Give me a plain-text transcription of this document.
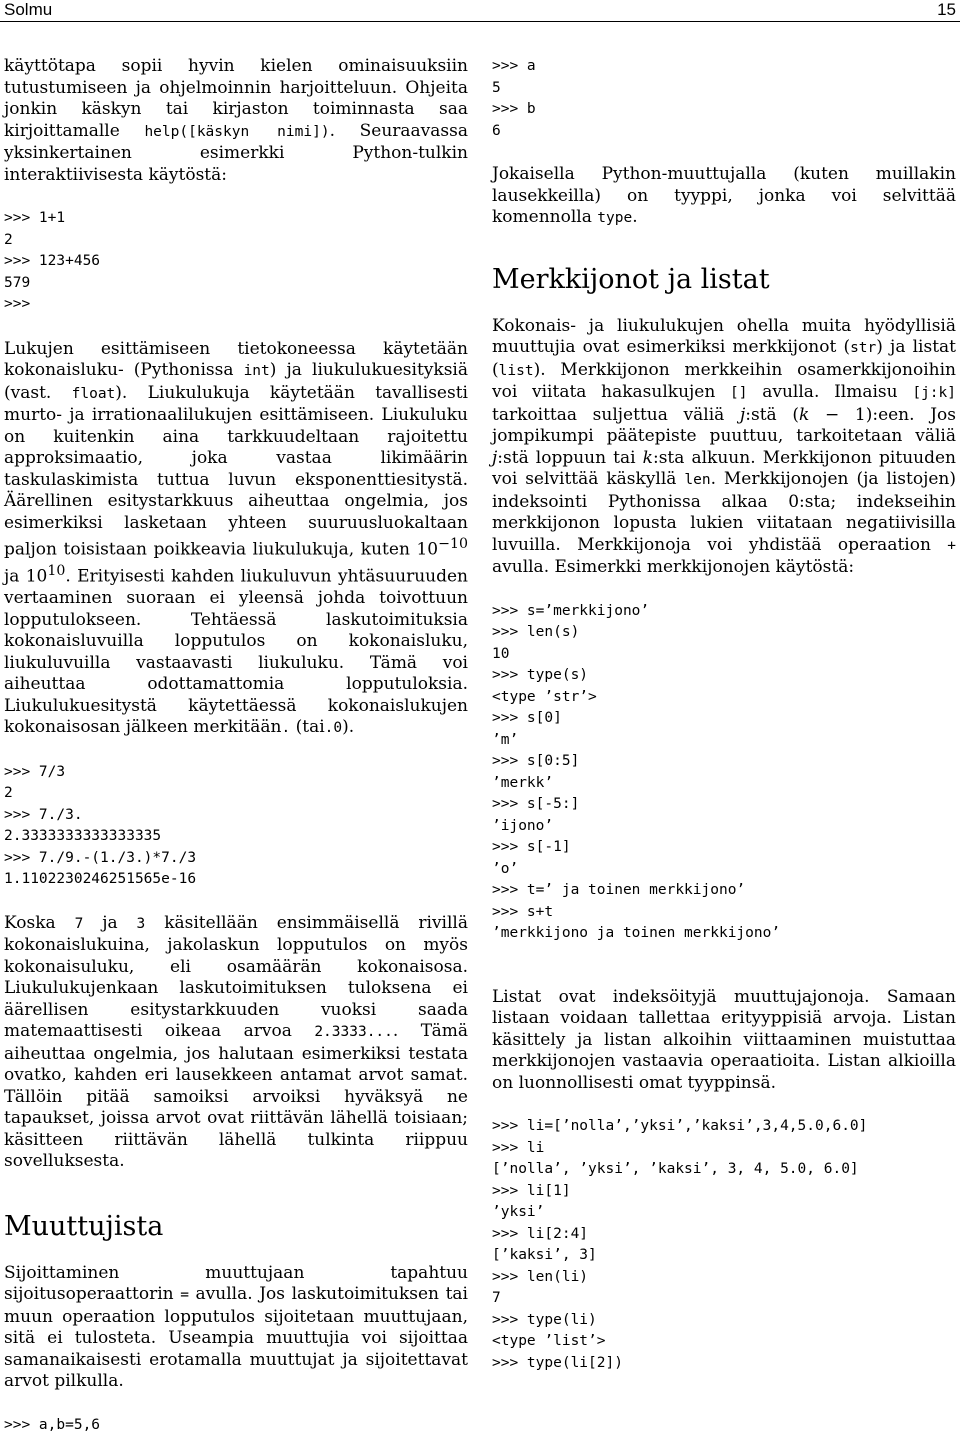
Solmu	15

käyttötapa sopii hyvin kielen ominaisuuksiin tutustumiseen ja ohjelmoinnin harjoitteluun. Ohjeita jonkin käskyn tai kirjaston toiminnasta saa kirjoittamalle help([käskyn nimi]). Seuraavassa yksinkertainen esimerkki Python-tulkin interaktiivisesta käytöstä:

>>> 1+1
2
>>> 123+456
579
>>>

Lukujen esittämiseen tietokoneessa käytetään kokonaisluku- (Pythonissa int) ja liukulukuesityksiä (vast. float). Liukulukuja käytetään tavallisesti murto- ja irrationaalilukujen esittämiseen. Liukuluku on kuitenkin aina tarkkuudeltaan rajoitettu approksimaatio, joka vastaa likimäärin taskulaskimista tuttua luvun eksponenttiesitystä. Äärellinen esitystarkkuus aiheuttaa ongelmia, jos esimerkiksi lasketaan yhteen suuruusluokaltaan paljon toisistaan poikkeavia liukulukuja, kuten $10^{-10}$ ja $10^{10}$. Erityisesti kahden liukuluvun yhtäsuuruuden vertaaminen suoraan ei yleensä johda toivottuun lopputulokseen. Tehtäessä laskutoimituksia kokonaisluvuilla lopputulos on kokonaisluku, liukuluvuilla vastaavasti liukuluku. Tämä voi aiheuttaa odottamattomia lopputuloksia. Liukulukuesitystä käytettäessä kokonaislukujen kokonaisosan jälkeen merkitään. (tai.0).

>>> 7/3
2
>>> 7./3.
2.3333333333333335
>>> 7./9.-(1./3.)*7./3
1.1102230246251565e-16

Koska 7 ja 3 käsitellään ensimmäisellä rivillä kokonaislukuina, jakolaskun lopputulos on myös kokonaisuluku, eli osamäärän kokonaisosa. Liukulukujenkaan laskutoimituksen tuloksena ei äärellisen esitystarkkuuden vuoksi saada matemaattisesti oikeaa arvoa 2.3333.... Tämä aiheuttaa ongelmia, jos halutaan esimerkiksi testata ovatko, kahden eri lausekkeen antamat arvot samat. Tällöin pitää samoiksi arvoiksi hyväksyä ne tapaukset, joissa arvot ovat riittävän lähellä toisiaan; käsitteen riittävän lähellä tulkinta riippuu sovelluksesta.

Muuttujista

Sijoittaminen muuttujaan tapahtuu sijoitusoperaattorin = avulla. Jos laskutoimituksen tai muun operaation lopputulos sijoitetaan muuttujaan, sitä ei tulosteta. Useampia muuttujia voi sijoittaa samanaikaisesti erotamalla muuttujat ja sijoitettavat arvot pilkulla.

>>> a,b=5,6
>>> a
5
>>> b
6

Jokaisella Python-muuttujalla (kuten muillakin lausekkeilla) on tyyppi, jonka voi selvittää komennolla type.

Merkkijonot ja listat

Kokonais- ja liukulukujen ohella muita hyödyllisiä muuttujia ovat esimerkiksi merkkijonot (str) ja listat (list). Merkkijonon merkkeihin osamerkkijonoihin voi viitata hakasulkujen [] avulla. Ilmaisu [j:k] tarkoittaa suljettua väliä j:stä (k − 1):een. Jos jompikumpi päätepiste puuttuu, tarkoitetaan väliä j:stä loppuun tai k:sta alkuun. Merkkijonon pituuden voi selvittää käskyllä len. Merkkijonojen (ja listojen) indeksointi Pythonissa alkaa 0:sta; indekseihin merkkijonon lopusta lukien viitataan negatiivisilla luvuilla. Merkkijonoja voi yhdistää operaation + avulla. Esimerkki merkkijonojen käytöstä:

>>> s=’merkkijono’
>>> len(s)
10
>>> type(s)
<type ’str’>
>>> s[0]
’m’
>>> s[0:5]
’merkk’
>>> s[-5:]
’ijono’
>>> s[-1]
’o’
>>> t=’ ja toinen merkkijono’
>>> s+t
’merkkijono ja toinen merkkijono’

Listat ovat indeksöityjä muuttujajonoja. Samaan listaan voidaan tallettaa erityyppisiä arvoja. Listan käsittely ja listan alkoihin viittaaminen muistuttaa merkkijonojen vastaavia operaatioita. Listan alkioilla on luonnollisesti omat tyyppinsä.

>>> li=[’nolla’,’yksi’,’kaksi’,3,4,5.0,6.0]
>>> li
[’nolla’, ’yksi’, ’kaksi’, 3, 4, 5.0, 6.0]
>>> li[1]
’yksi’
>>> li[2:4]
[’kaksi’, 3]
>>> len(li)
7
>>> type(li)
<type ’list’>
>>> type(li[2])
